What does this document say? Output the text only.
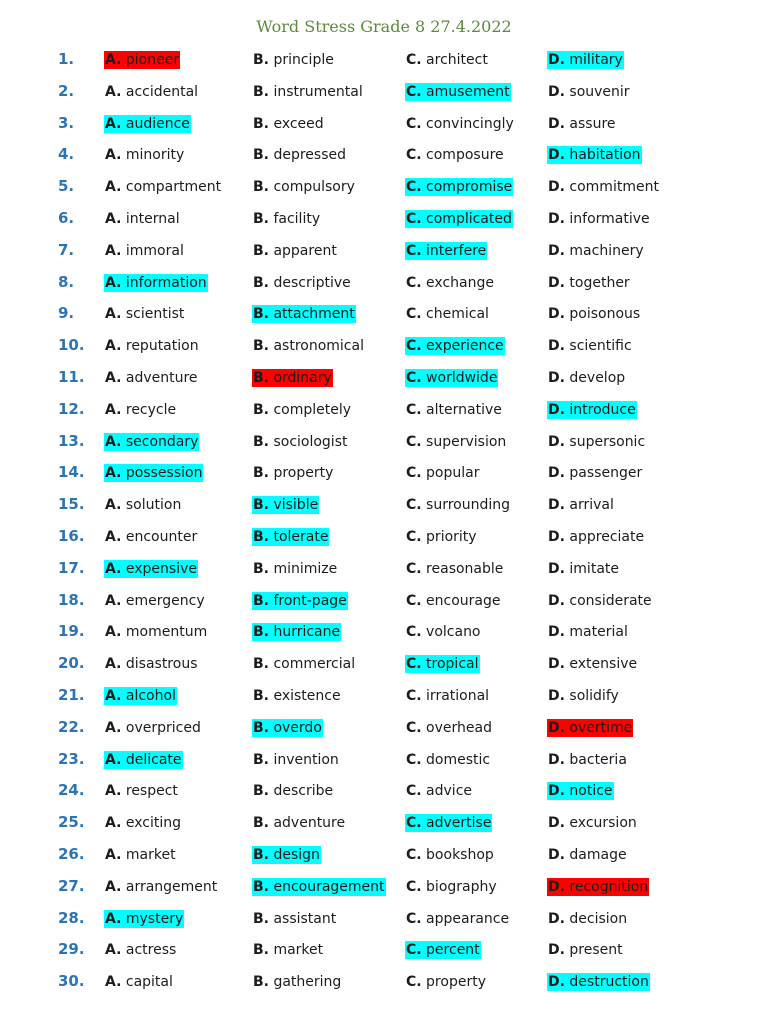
Word Stress Grade 8 27.4.2022
1. A. pioneer	B. principle	C. architect	D. military
2. A. accidental	B. instrumental	C. amusement	D. souvenir
3. A. audience	B. exceed	C. convincingly D. assure
4. A. minority	B. depressed	C. composure	D. habitation
5. A. compartment B. compulsory	C. compromise	D. commitment
6. A. internal	B. facility	C. complicated	D. informative
7. A. immoral	B. apparent	C. interfere	D. machinery
8. A. information	B. descriptive	C. exchange	D. together
9. A. scientist	B. attachment	C. chemical	D. poisonous
10. A. reputation	B. astronomical	C. experience	D. scientific
11. A. adventure	B. ordinary	C. worldwide	D. develop
12. A. recycle	B. completely	C. alternative	D. introduce
13. A. secondary	B. sociologist	C. supervision	D. supersonic
14. A. possession	B. property	C. popular	D. passenger
15. A. solution	B. visible	C. surrounding	D. arrival
16. A. encounter	B. tolerate	C. priority	D. appreciate
17. A. expensive	B. minimize	C. reasonable	D. imitate
18. A. emergency	B. front-page	C. encourage	D. considerate
19. A. momentum	B. hurricane	C. volcano	D. material
20. A. disastrous	B. commercial	C. tropical	D. extensive
21. A. alcohol	B. existence	C. irrational	D. solidify
22. A. overpriced	B. overdo	C. overhead	D. overtime
23. A. delicate	B. invention	C. domestic	D. bacteria
24. A. respect	B. describe	C. advice	D. notice
25. A. exciting	B. adventure	C. advertise	D. excursion
26. A. market	B. design	C. bookshop	D. damage
27. A. arrangement	B. encouragement C. biography	D. recognition
28. A. mystery	B. assistant	C. appearance	D. decision
29. A. actress	B. market	C. percent	D. present
30. A. capital	B. gathering	C. property	D. destruction
